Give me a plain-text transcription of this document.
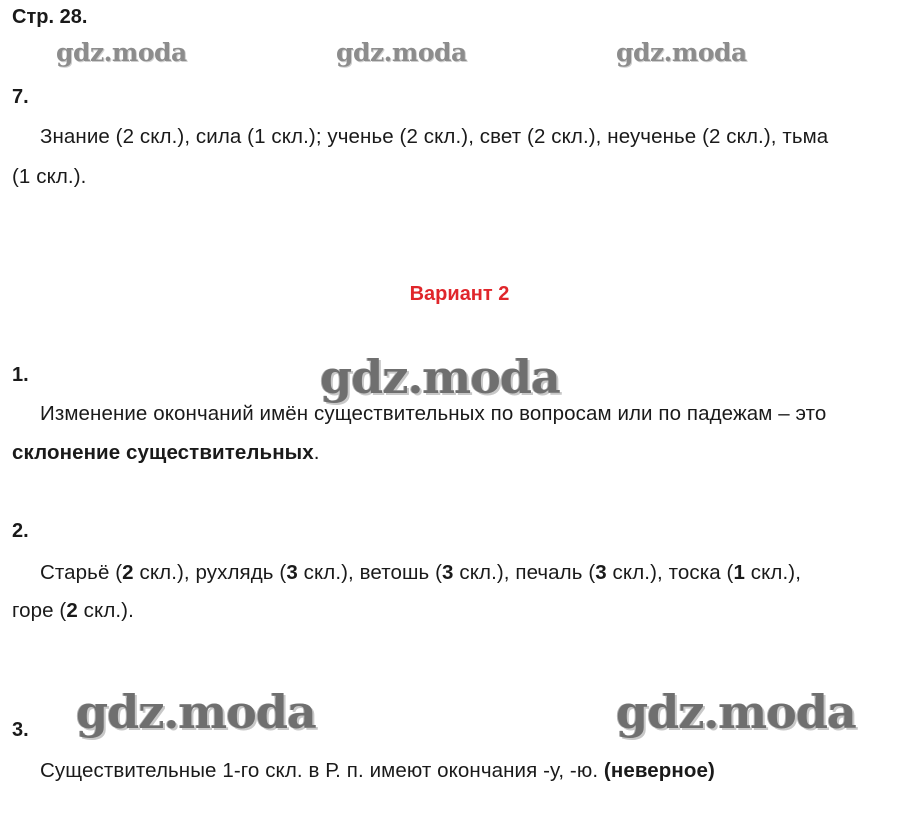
Стр. 28.
gdz.moda	gdz.moda	gdz.moda
7.
Знание (2 скл.), сила (1 скл.); ученье (2 скл.), свет (2 скл.), неученье (2 скл.), тьма
(1 скл.).
Вариант 2
gdz.moda
1.
Изменение окончаний имён существительных по вопросам или по падежам – это
склонение существительных.
2.
Старьё (2 скл.), рухлядь (3 скл.), ветошь (3 скл.), печаль (3 скл.), тоска (1 скл.),
горе (2 скл.).
gdz.moda	gdz.moda
3.
Существительные 1-го скл. в Р. п. имеют окончания -у, -ю. (неверное)
